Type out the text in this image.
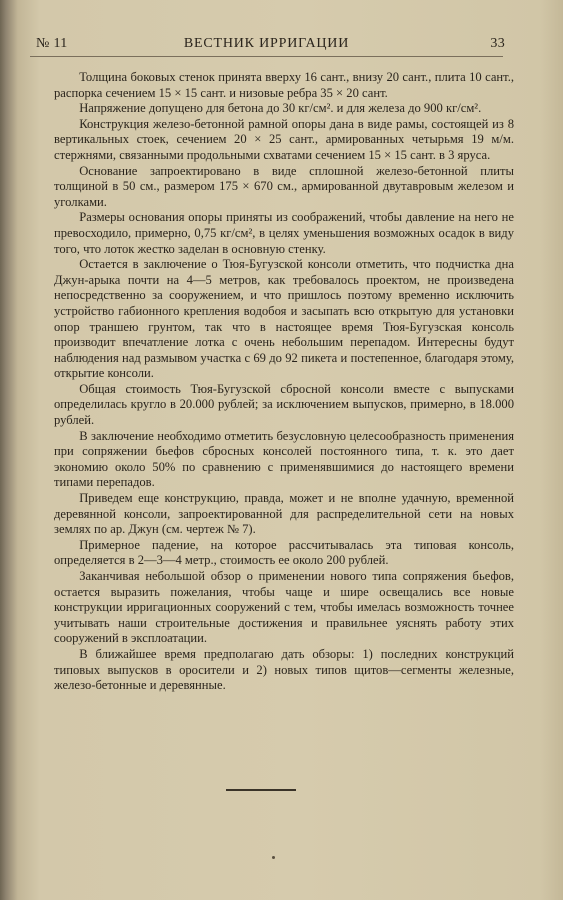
№ 11	ВЕСТНИК ИРРИГАЦИИ	33

Толщина боковых стенок принята вверху 16 сант., внизу 20 сант., плита 10 сант., распорка сечением 15 × 15 сант. и низовые ребра 35 × 20 сант.

Напряжение допущено для бетона до 30 кг/см². и для железа до 900 кг/см².

Конструкция железо-бетонной рамной опоры дана в виде рамы, состоящей из 8 вертикальных стоек, сечением 20 × 25 сант., армированных четырьмя 19 м/м. стержнями, связанными продольными схватами сечением 15 × 15 сант. в 3 яруса.

Основание запроектировано в виде сплошной железо-бетонной плиты толщиной в 50 см., размером 175 × 670 см., армированной двутавровым железом и уголками.

Размеры основания опоры приняты из соображений, чтобы давление на него не превосходило, примерно, 0,75 кг/см², в целях уменьшения возможных осадок в виду того, что лоток жестко заделан в основную стенку.

Остается в заключение о Тюя-Бугузской консоли отметить, что подчистка дна Джун-арыка почти на 4—5 метров, как требовалось проектом, не произведена непосредственно за сооружением, и что пришлось поэтому временно исключить устройство габионного крепления водобоя и засыпать всю открытую для установки опор траншею грунтом, так что в настоящее время Тюя-Бугузская консоль производит впечатление лотка с очень небольшим перепадом. Интересны будут наблюдения над размывом участка с 69 до 92 пикета и постепенное, благодаря этому, открытие консоли.

Общая стоимость Тюя-Бугузской сбросной консоли вместе с выпусками определилась кругло в 20.000 рублей; за исключением выпусков, примерно, в 18.000 рублей.

В заключение необходимо отметить безусловную целесообразность применения при сопряжении бьефов сбросных консолей постоянного типа, т. к. это дает экономию около 50% по сравнению с применявшимися до настоящего времени типами перепадов.

Приведем еще конструкцию, правда, может и не вполне удачную, временной деревянной консоли, запроектированной для распределительной сети на новых землях по ар. Джун (см. чертеж № 7).

Примерное падение, на которое рассчитывалась эта типовая консоль, определяется в 2—3—4 метр., стоимость ее около 200 рублей.

Заканчивая небольшой обзор о применении нового типа сопряжения бьефов, остается выразить пожелания, чтобы чаще и шире освещались все новые конструкции ирригационных сооружений с тем, чтобы имелась возможность точнее учитывать наши строительные достижения и правильнее уяснять работу этих сооружений в эксплоатации.

В ближайшее время предполагаю дать обзоры: 1) последних конструкций типовых выпусков в оросители и 2) новых типов щитов—сегменты железные, железо-бетонные и деревянные.
